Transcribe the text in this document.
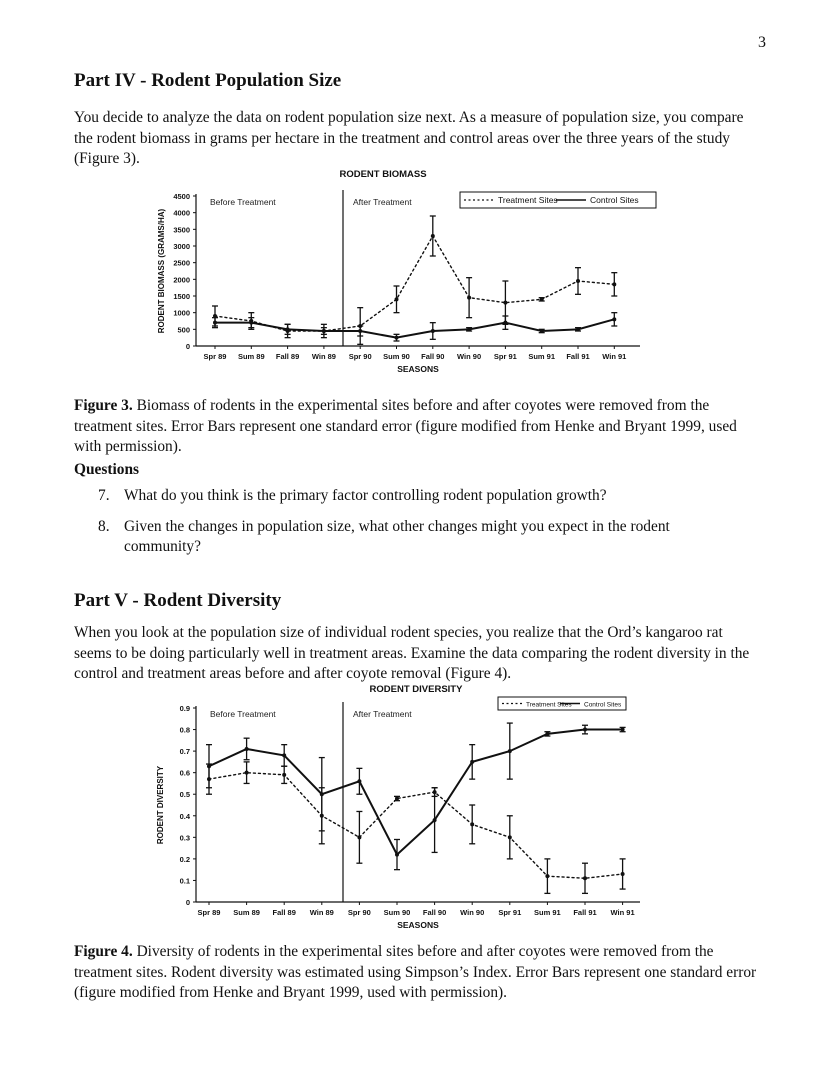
3
Part IV - Rodent Population Size

You decide to analyze the data on rodent population size next. As a measure of population size, you compare the rodent biomass in grams per hectare in the treatment and control areas over the three years of the study (Figure 3).

RODENT BIOMASS
0
500
1000
1500
2000
2500
3000
3500
4000
4500
Spr 89 Sum 89 Fall 89 Win 89 Spr 90 Sum 90 Fall 90 Win 90 Spr 91 Sum 91 Fall 91 Win 91
SEASONS
RODENT BIOMASS (GRAMS/HA)
Before Treatment	After Treatment	Treatment Sites	Control Sites

Figure 3. Biomass of rodents in the experimental sites before and after coyotes were removed from the treatment sites. Error Bars represent one standard error (figure modified from Henke and Bryant 1999, used with permission).

Questions
7. What do you think is the primary factor controlling rodent population growth?
8. Given the changes in population size, what other changes might you expect in the rodent community?
Part V - Rodent Diversity

When you look at the population size of individual rodent species, you realize that the Ord’s kangaroo rat seems to be doing particularly well in treatment areas. Examine the data comparing the rodent diversity in the control and treatment areas before and after coyote removal (Figure 4).

RODENT DIVERSITY
0
0.1
0.2
0.3
0.4
0.5
0.6
0.7
0.8
0.9
Spr 89 Sum 89 Fall 89 Win 89 Spr 90 Sum 90 Fall 90 Win 90 Spr 91 Sum 91 Fall 91 Win 91
SEASONS
RODENT DIVERSITY
Before Treatment	After Treatment
Treatment Sites Control Sites

Figure 4. Diversity of rodents in the experimental sites before and after coyotes were removed from the treatment sites. Rodent diversity was estimated using Simpson’s Index. Error Bars represent one standard error (figure modified from Henke and Bryant 1999, used with permission).
